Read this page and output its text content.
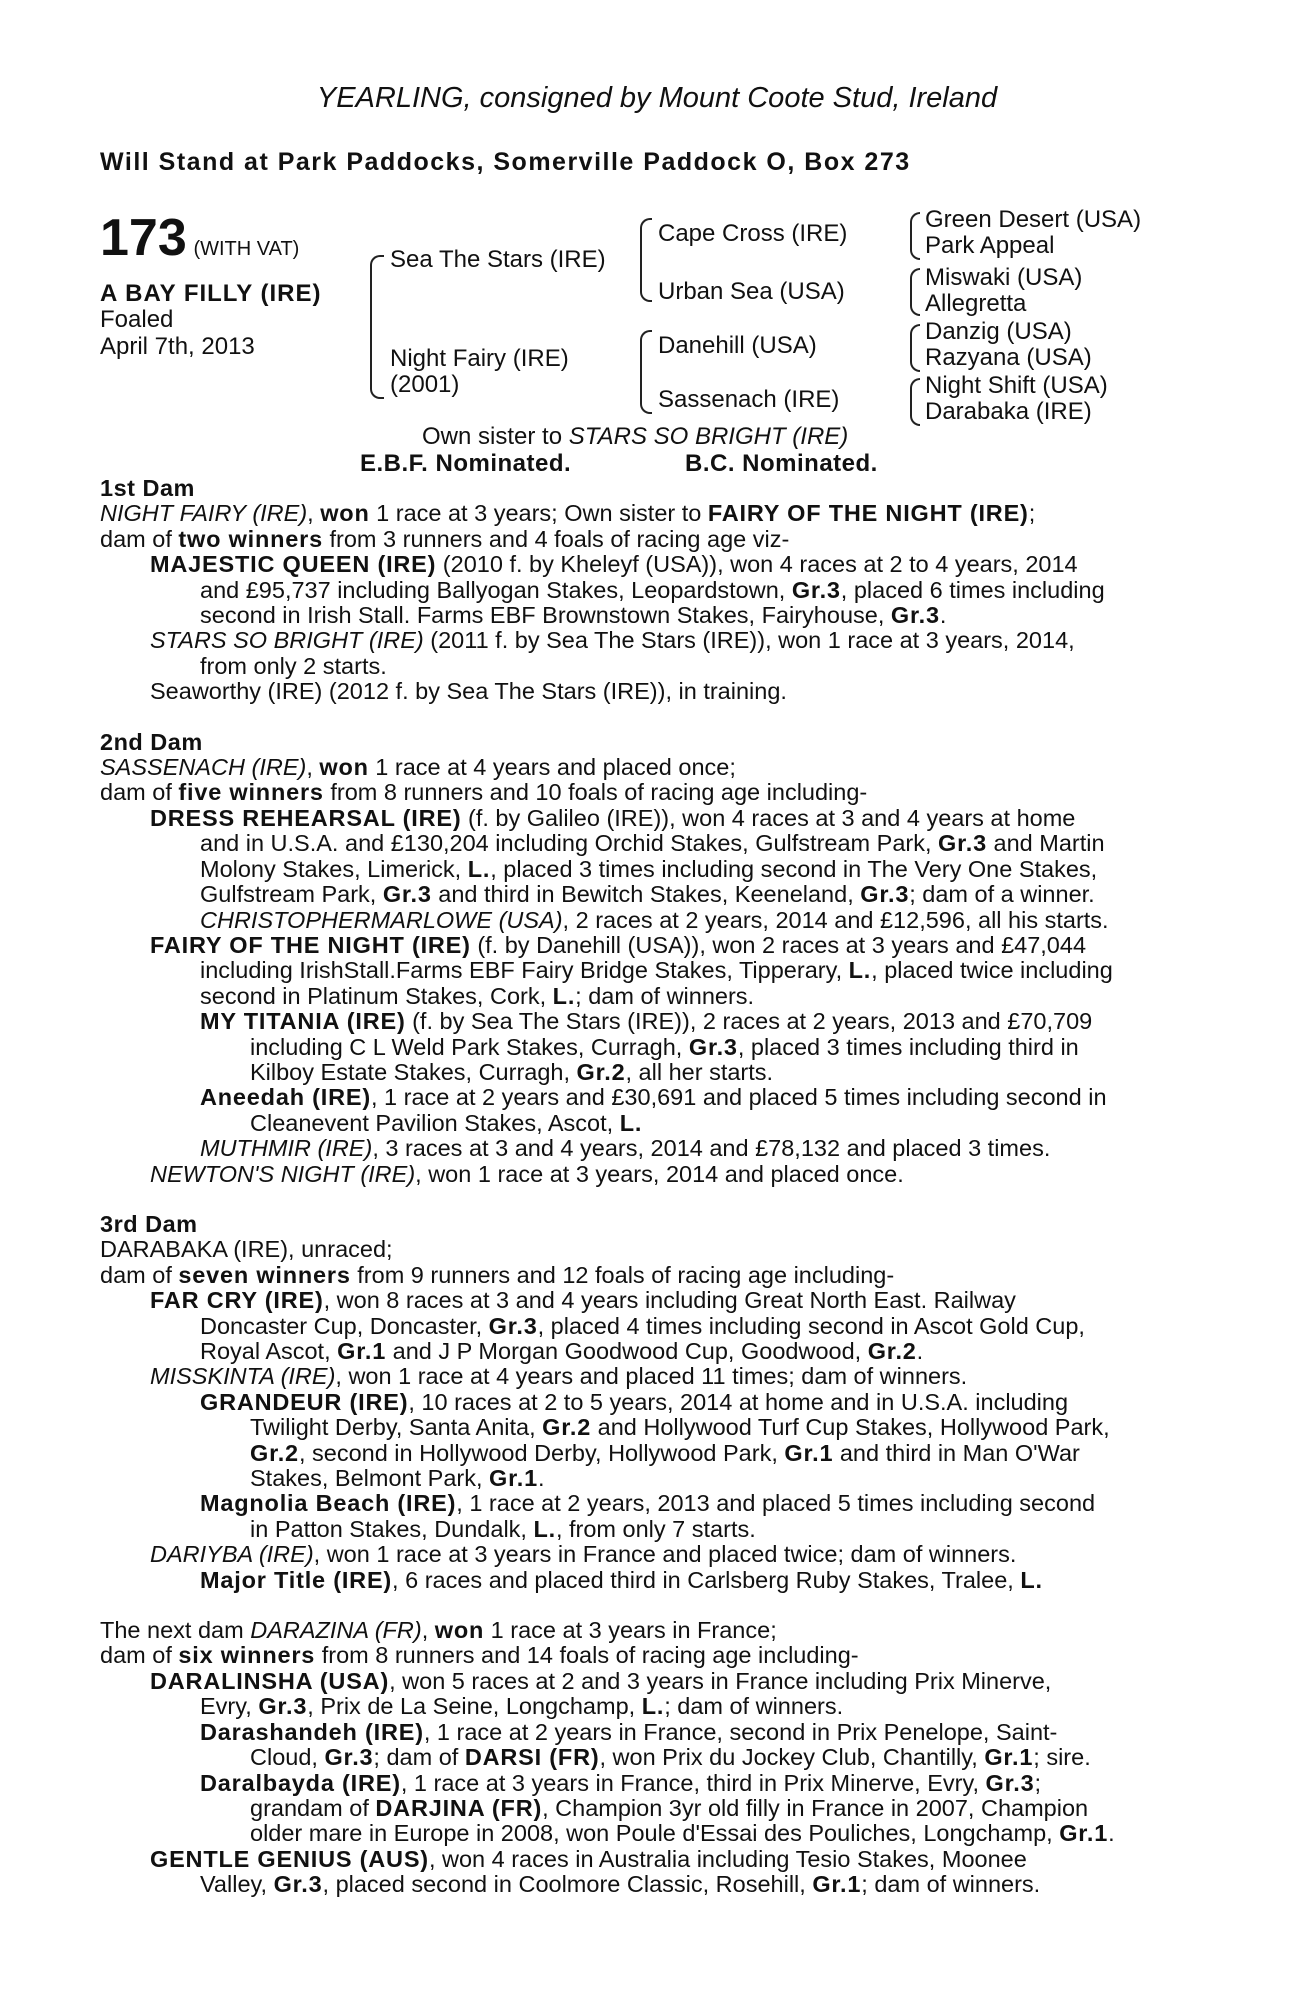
YEARLING, consigned by Mount Coote Stud, Ireland
Will Stand at Park Paddocks, Somerville Paddock O, Box 273
173 (WITH VAT)
A BAY FILLY (IRE)
Foaled
April 7th, 2013
Sea The Stars (IRE)
Night Fairy (IRE)
(2001)
Cape Cross (IRE)
Urban Sea (USA)
Danehill (USA)
Sassenach (IRE)
Green Desert (USA)
Park Appeal
Miswaki (USA)
Allegretta
Danzig (USA)
Razyana (USA)
Night Shift (USA)
Darabaka (IRE)
Own sister to STARS SO BRIGHT (IRE)
E.B.F. Nominated.	B.C. Nominated.
1st Dam
NIGHT FAIRY (IRE), won 1 race at 3 years; Own sister to FAIRY OF THE NIGHT (IRE);
dam of two winners from 3 runners and 4 foals of racing age viz-
MAJESTIC QUEEN (IRE) (2010 f. by Kheleyf (USA)), won 4 races at 2 to 4 years, 2014
and £95,737 including Ballyogan Stakes, Leopardstown, Gr.3, placed 6 times including
second in Irish Stall. Farms EBF Brownstown Stakes, Fairyhouse, Gr.3.
STARS SO BRIGHT (IRE) (2011 f. by Sea The Stars (IRE)), won 1 race at 3 years, 2014,
from only 2 starts.
Seaworthy (IRE) (2012 f. by Sea The Stars (IRE)), in training.
2nd Dam
SASSENACH (IRE), won 1 race at 4 years and placed once;
dam of five winners from 8 runners and 10 foals of racing age including-
DRESS REHEARSAL (IRE) (f. by Galileo (IRE)), won 4 races at 3 and 4 years at home
and in U.S.A. and £130,204 including Orchid Stakes, Gulfstream Park, Gr.3 and Martin
Molony Stakes, Limerick, L., placed 3 times including second in The Very One Stakes,
Gulfstream Park, Gr.3 and third in Bewitch Stakes, Keeneland, Gr.3; dam of a winner.
CHRISTOPHERMARLOWE (USA), 2 races at 2 years, 2014 and £12,596, all his starts.
FAIRY OF THE NIGHT (IRE) (f. by Danehill (USA)), won 2 races at 3 years and £47,044
including IrishStall.Farms EBF Fairy Bridge Stakes, Tipperary, L., placed twice including
second in Platinum Stakes, Cork, L.; dam of winners.
MY TITANIA (IRE) (f. by Sea The Stars (IRE)), 2 races at 2 years, 2013 and £70,709
including C L Weld Park Stakes, Curragh, Gr.3, placed 3 times including third in
Kilboy Estate Stakes, Curragh, Gr.2, all her starts.
Aneedah (IRE), 1 race at 2 years and £30,691 and placed 5 times including second in
Cleanevent Pavilion Stakes, Ascot, L.
MUTHMIR (IRE), 3 races at 3 and 4 years, 2014 and £78,132 and placed 3 times.
NEWTON'S NIGHT (IRE), won 1 race at 3 years, 2014 and placed once.
3rd Dam
DARABAKA (IRE), unraced;
dam of seven winners from 9 runners and 12 foals of racing age including-
FAR CRY (IRE), won 8 races at 3 and 4 years including Great North East. Railway
Doncaster Cup, Doncaster, Gr.3, placed 4 times including second in Ascot Gold Cup,
Royal Ascot, Gr.1 and J P Morgan Goodwood Cup, Goodwood, Gr.2.
MISSKINTA (IRE), won 1 race at 4 years and placed 11 times; dam of winners.
GRANDEUR (IRE), 10 races at 2 to 5 years, 2014 at home and in U.S.A. including
Twilight Derby, Santa Anita, Gr.2 and Hollywood Turf Cup Stakes, Hollywood Park,
Gr.2, second in Hollywood Derby, Hollywood Park, Gr.1 and third in Man O'War
Stakes, Belmont Park, Gr.1.
Magnolia Beach (IRE), 1 race at 2 years, 2013 and placed 5 times including second
in Patton Stakes, Dundalk, L., from only 7 starts.
DARIYBA (IRE), won 1 race at 3 years in France and placed twice; dam of winners.
Major Title (IRE), 6 races and placed third in Carlsberg Ruby Stakes, Tralee, L.
The next dam DARAZINA (FR), won 1 race at 3 years in France;
dam of six winners from 8 runners and 14 foals of racing age including-
DARALINSHA (USA), won 5 races at 2 and 3 years in France including Prix Minerve,
Evry, Gr.3, Prix de La Seine, Longchamp, L.; dam of winners.
Darashandeh (IRE), 1 race at 2 years in France, second in Prix Penelope, Saint-
Cloud, Gr.3; dam of DARSI (FR), won Prix du Jockey Club, Chantilly, Gr.1; sire.
Daralbayda (IRE), 1 race at 3 years in France, third in Prix Minerve, Evry, Gr.3;
grandam of DARJINA (FR), Champion 3yr old filly in France in 2007, Champion
older mare in Europe in 2008, won Poule d'Essai des Pouliches, Longchamp, Gr.1.
GENTLE GENIUS (AUS), won 4 races in Australia including Tesio Stakes, Moonee
Valley, Gr.3, placed second in Coolmore Classic, Rosehill, Gr.1; dam of winners.
